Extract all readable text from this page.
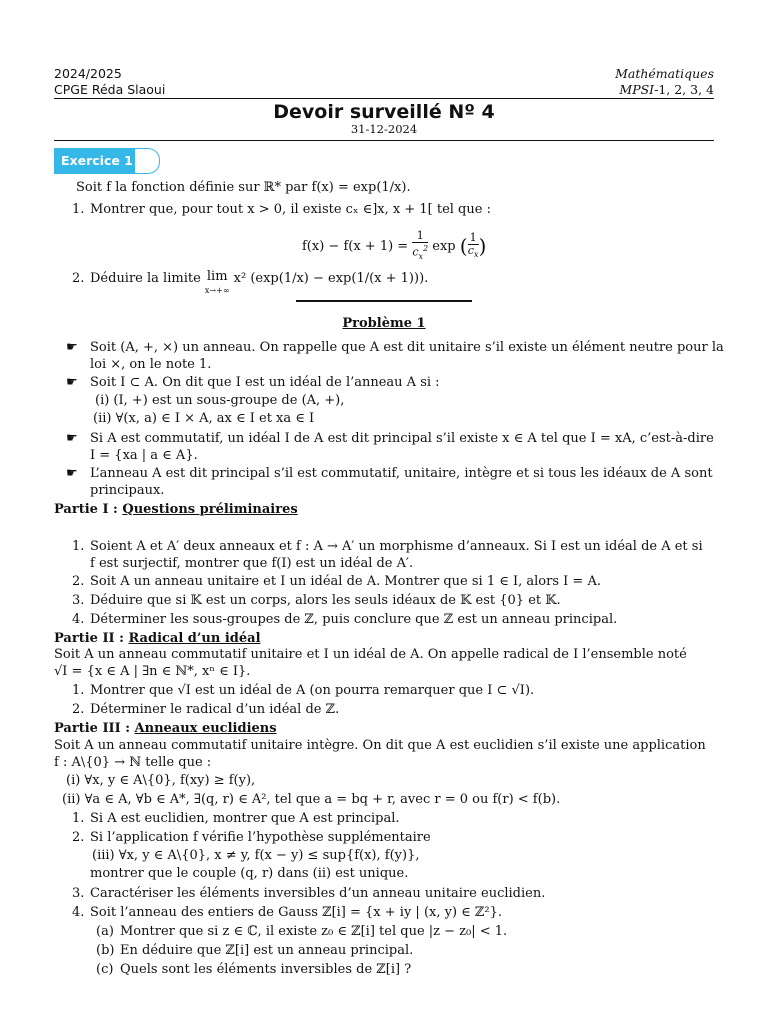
2024/2025
CPGE Réda Slaoui
Mathématiques
MPSI-1, 2, 3, 4
Devoir surveillé Nº 4
31-12-2024
Exercice 1
Soit f la fonction définie sur ℝ* par f(x) = exp(1/x).
1. Montrer que, pour tout x > 0, il existe cₓ ∈]x, x + 1[ tel que :
$f(x) - f(x + 1) = \frac{1}{c_x^2}$ exp ( $\frac{1}{c_x}$ )
2. Déduire la limite lim
x→+∞ x² (exp(1/x) − exp(1/(x + 1))).
Problème 1
☛ Soit (A, +, ×) un anneau. On rappelle que A est dit unitaire s’il existe un élément neutre pour la
loi ×, on le note 1.
☛ Soit I ⊂ A. On dit que I est un idéal de l’anneau A si :
(i) (I, +) est un sous-groupe de (A, +),
(ii) ∀(x, a) ∈ I × A, ax ∈ I et xa ∈ I
☛ Si A est commutatif, un idéal I de A est dit principal s’il existe x ∈ A tel que I = xA, c’est-à-dire
I = {xa | a ∈ A}.
☛ L’anneau A est dit principal s’il est commutatif, unitaire, intègre et si tous les idéaux de A sont
principaux.
Partie I : Questions préliminaires
1. Soient A et A′ deux anneaux et f : A → A′ un morphisme d’anneaux. Si I est un idéal de A et si
f est surjectif, montrer que f(I) est un idéal de A′.
2. Soit A un anneau unitaire et I un idéal de A. Montrer que si 1 ∈ I, alors I = A.
3. Déduire que si 𝕂 est un corps, alors les seuls idéaux de 𝕂 est {0} et 𝕂.
4. Déterminer les sous-groupes de ℤ, puis conclure que ℤ est un anneau principal.
Partie II : Radical d’un idéal
Soit A un anneau commutatif unitaire et I un idéal de A. On appelle radical de I l’ensemble noté
√I = {x ∈ A | ∃n ∈ ℕ*, xⁿ ∈ I}.
1. Montrer que √I est un idéal de A (on pourra remarquer que I ⊂ √I).
2. Déterminer le radical d’un idéal de ℤ.
Partie III : Anneaux euclidiens
Soit A un anneau commutatif unitaire intègre. On dit que A est euclidien s’il existe une application
f : A\{0} → ℕ telle que :
(i) ∀x, y ∈ A\{0}, f(xy) ≥ f(y),
(ii) ∀a ∈ A, ∀b ∈ A*, ∃(q, r) ∈ A², tel que a = bq + r, avec r = 0 ou f(r) < f(b).
1. Si A est euclidien, montrer que A est principal.
2. Si l’application f vérifie l’hypothèse supplémentaire
(iii) ∀x, y ∈ A\{0}, x ≠ y, f(x − y) ≤ sup{f(x), f(y)},
montrer que le couple (q, r) dans (ii) est unique.
3. Caractériser les éléments inversibles d’un anneau unitaire euclidien.
4. Soit l’anneau des entiers de Gauss ℤ[i] = {x + iy | (x, y) ∈ ℤ²}.
(a) Montrer que si z ∈ ℂ, il existe z₀ ∈ ℤ[i] tel que |z − z₀| < 1.
(b) En déduire que ℤ[i] est un anneau principal.
(c) Quels sont les éléments inversibles de ℤ[i] ?
